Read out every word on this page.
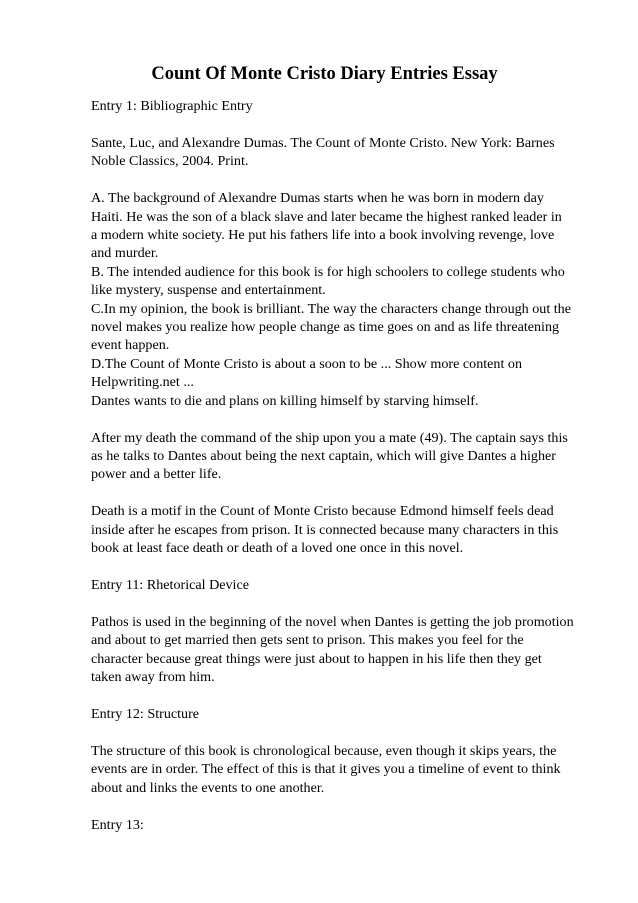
Count Of Monte Cristo Diary Entries Essay
Entry 1: Bibliographic Entry
Sante, Luc, and Alexandre Dumas. The Count of Monte Cristo. New York: Barnes
Noble Classics, 2004. Print.
A. The background of Alexandre Dumas starts when he was born in modern day
Haiti. He was the son of a black slave and later became the highest ranked leader in
a modern white society. He put his fathers life into a book involving revenge, love
and murder.
B. The intended audience for this book is for high schoolers to college students who
like mystery, suspense and entertainment.
C.In my opinion, the book is brilliant. The way the characters change through out the
novel makes you realize how people change as time goes on and as life threatening
event happen.
D.The Count of Monte Cristo is about a soon to be ... Show more content on
Helpwriting.net ...
Dantes wants to die and plans on killing himself by starving himself.
After my death the command of the ship upon you a mate (49). The captain says this
as he talks to Dantes about being the next captain, which will give Dantes a higher
power and a better life.
Death is a motif in the Count of Monte Cristo because Edmond himself feels dead
inside after he escapes from prison. It is connected because many characters in this
book at least face death or death of a loved one once in this novel.
Entry 11: Rhetorical Device
Pathos is used in the beginning of the novel when Dantes is getting the job promotion
and about to get married then gets sent to prison. This makes you feel for the
character because great things were just about to happen in his life then they get
taken away from him.
Entry 12: Structure
The structure of this book is chronological because, even though it skips years, the
events are in order. The effect of this is that it gives you a timeline of event to think
about and links the events to one another.
Entry 13:
